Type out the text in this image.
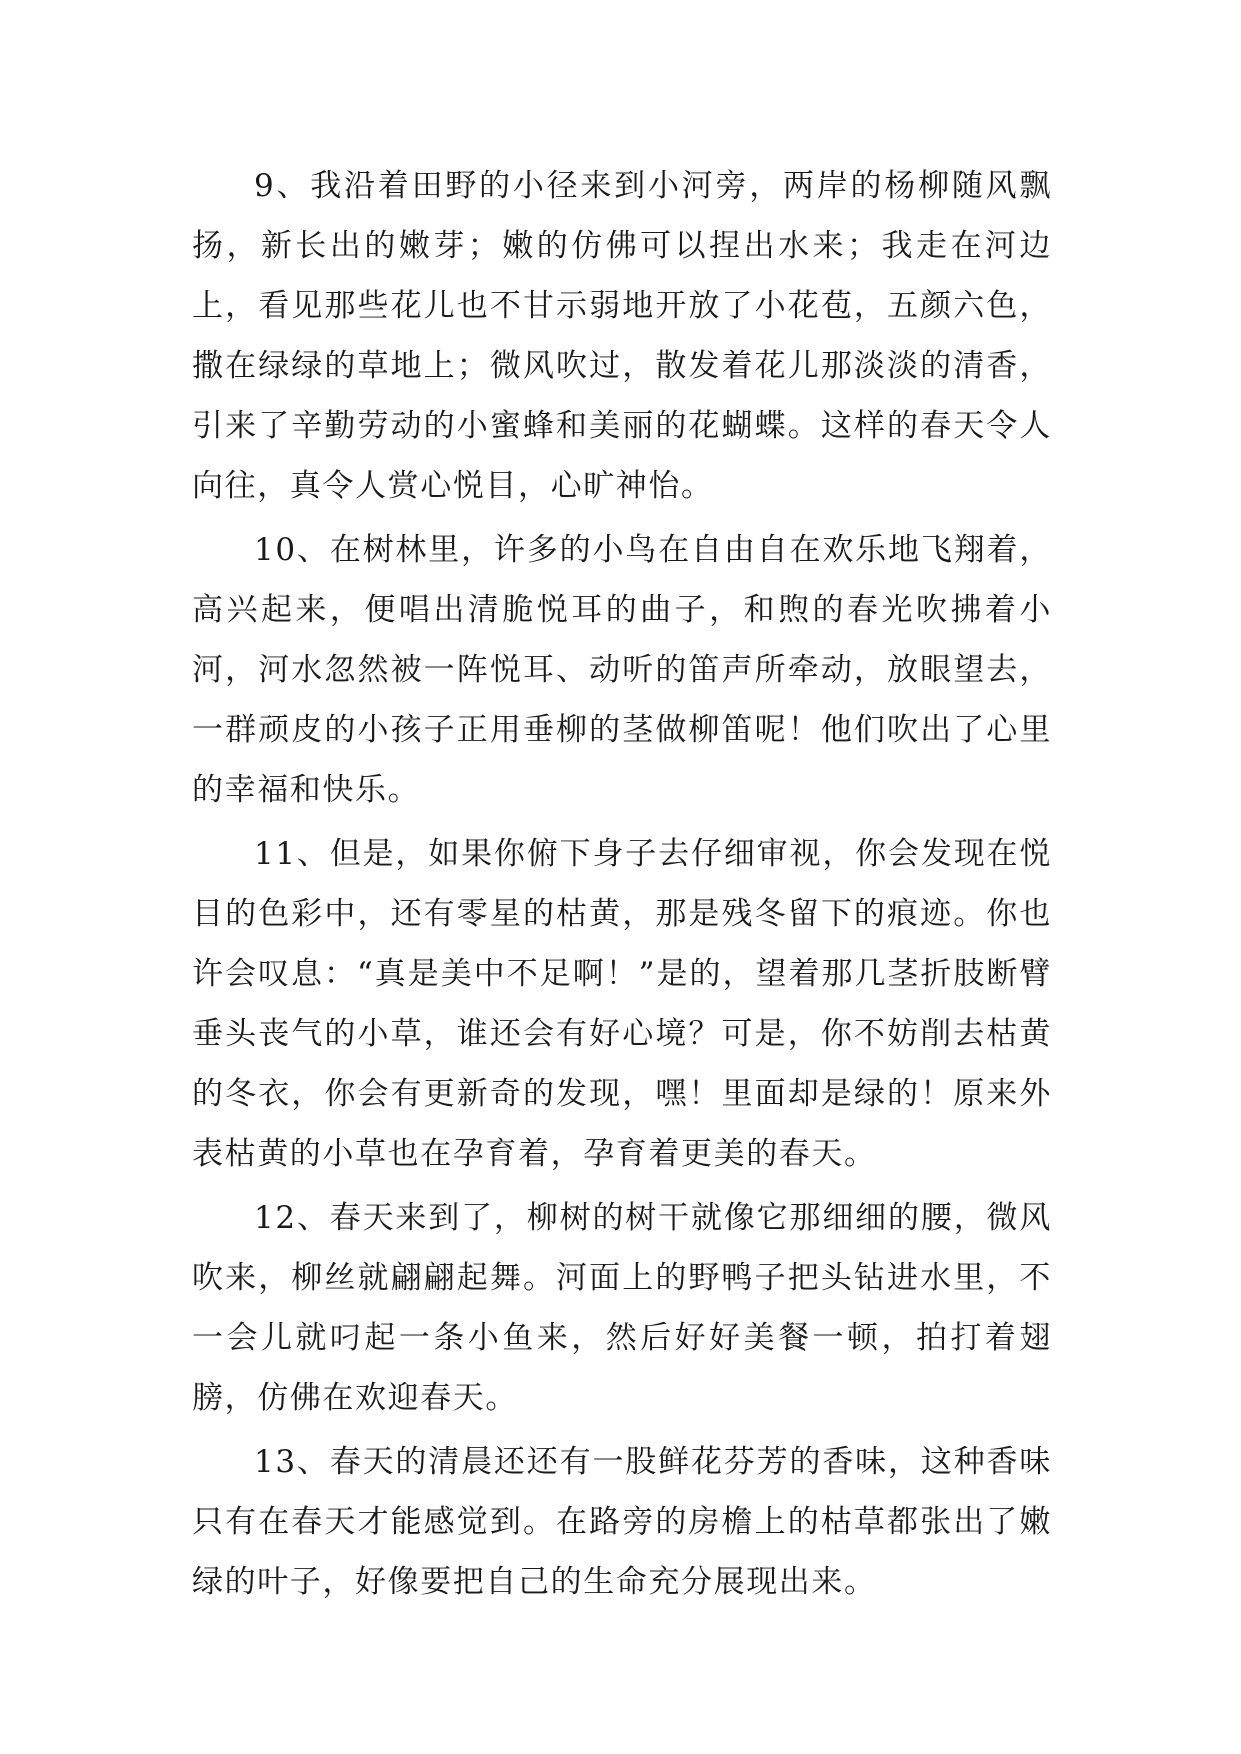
9、我沿着田野的小径来到小河旁，两岸的杨柳随风飘扬，新长出的嫩芽；嫩的仿佛可以捏出水来；我走在河边上，看见那些花儿也不甘示弱地开放了小花苞，五颜六色，撒在绿绿的草地上；微风吹过，散发着花儿那淡淡的清香，引来了辛勤劳动的小蜜蜂和美丽的花蝴蝶。这样的春天令人向往，真令人赏心悦目，心旷神怡。

10、在树林里，许多的小鸟在自由自在欢乐地飞翔着，高兴起来，便唱出清脆悦耳的曲子，和煦的春光吹拂着小河，河水忽然被一阵悦耳、动听的笛声所牵动，放眼望去，一群顽皮的小孩子正用垂柳的茎做柳笛呢！他们吹出了心里的幸福和快乐。

11、但是，如果你俯下身子去仔细审视，你会发现在悦目的色彩中，还有零星的枯黄，那是残冬留下的痕迹。你也许会叹息：“真是美中不足啊！”是的，望着那几茎折肢断臂垂头丧气的小草，谁还会有好心境？可是，你不妨削去枯黄的冬衣，你会有更新奇的发现，嘿！里面却是绿的！原来外表枯黄的小草也在孕育着，孕育着更美的春天。

12、春天来到了，柳树的树干就像它那细细的腰，微风吹来，柳丝就翩翩起舞。河面上的野鸭子把头钻进水里，不一会儿就叼起一条小鱼来，然后好好美餐一顿，拍打着翅膀，仿佛在欢迎春天。

13、春天的清晨还还有一股鲜花芬芳的香味，这种香味只有在春天才能感觉到。在路旁的房檐上的枯草都张出了嫩绿的叶子，好像要把自己的生命充分展现出来。
